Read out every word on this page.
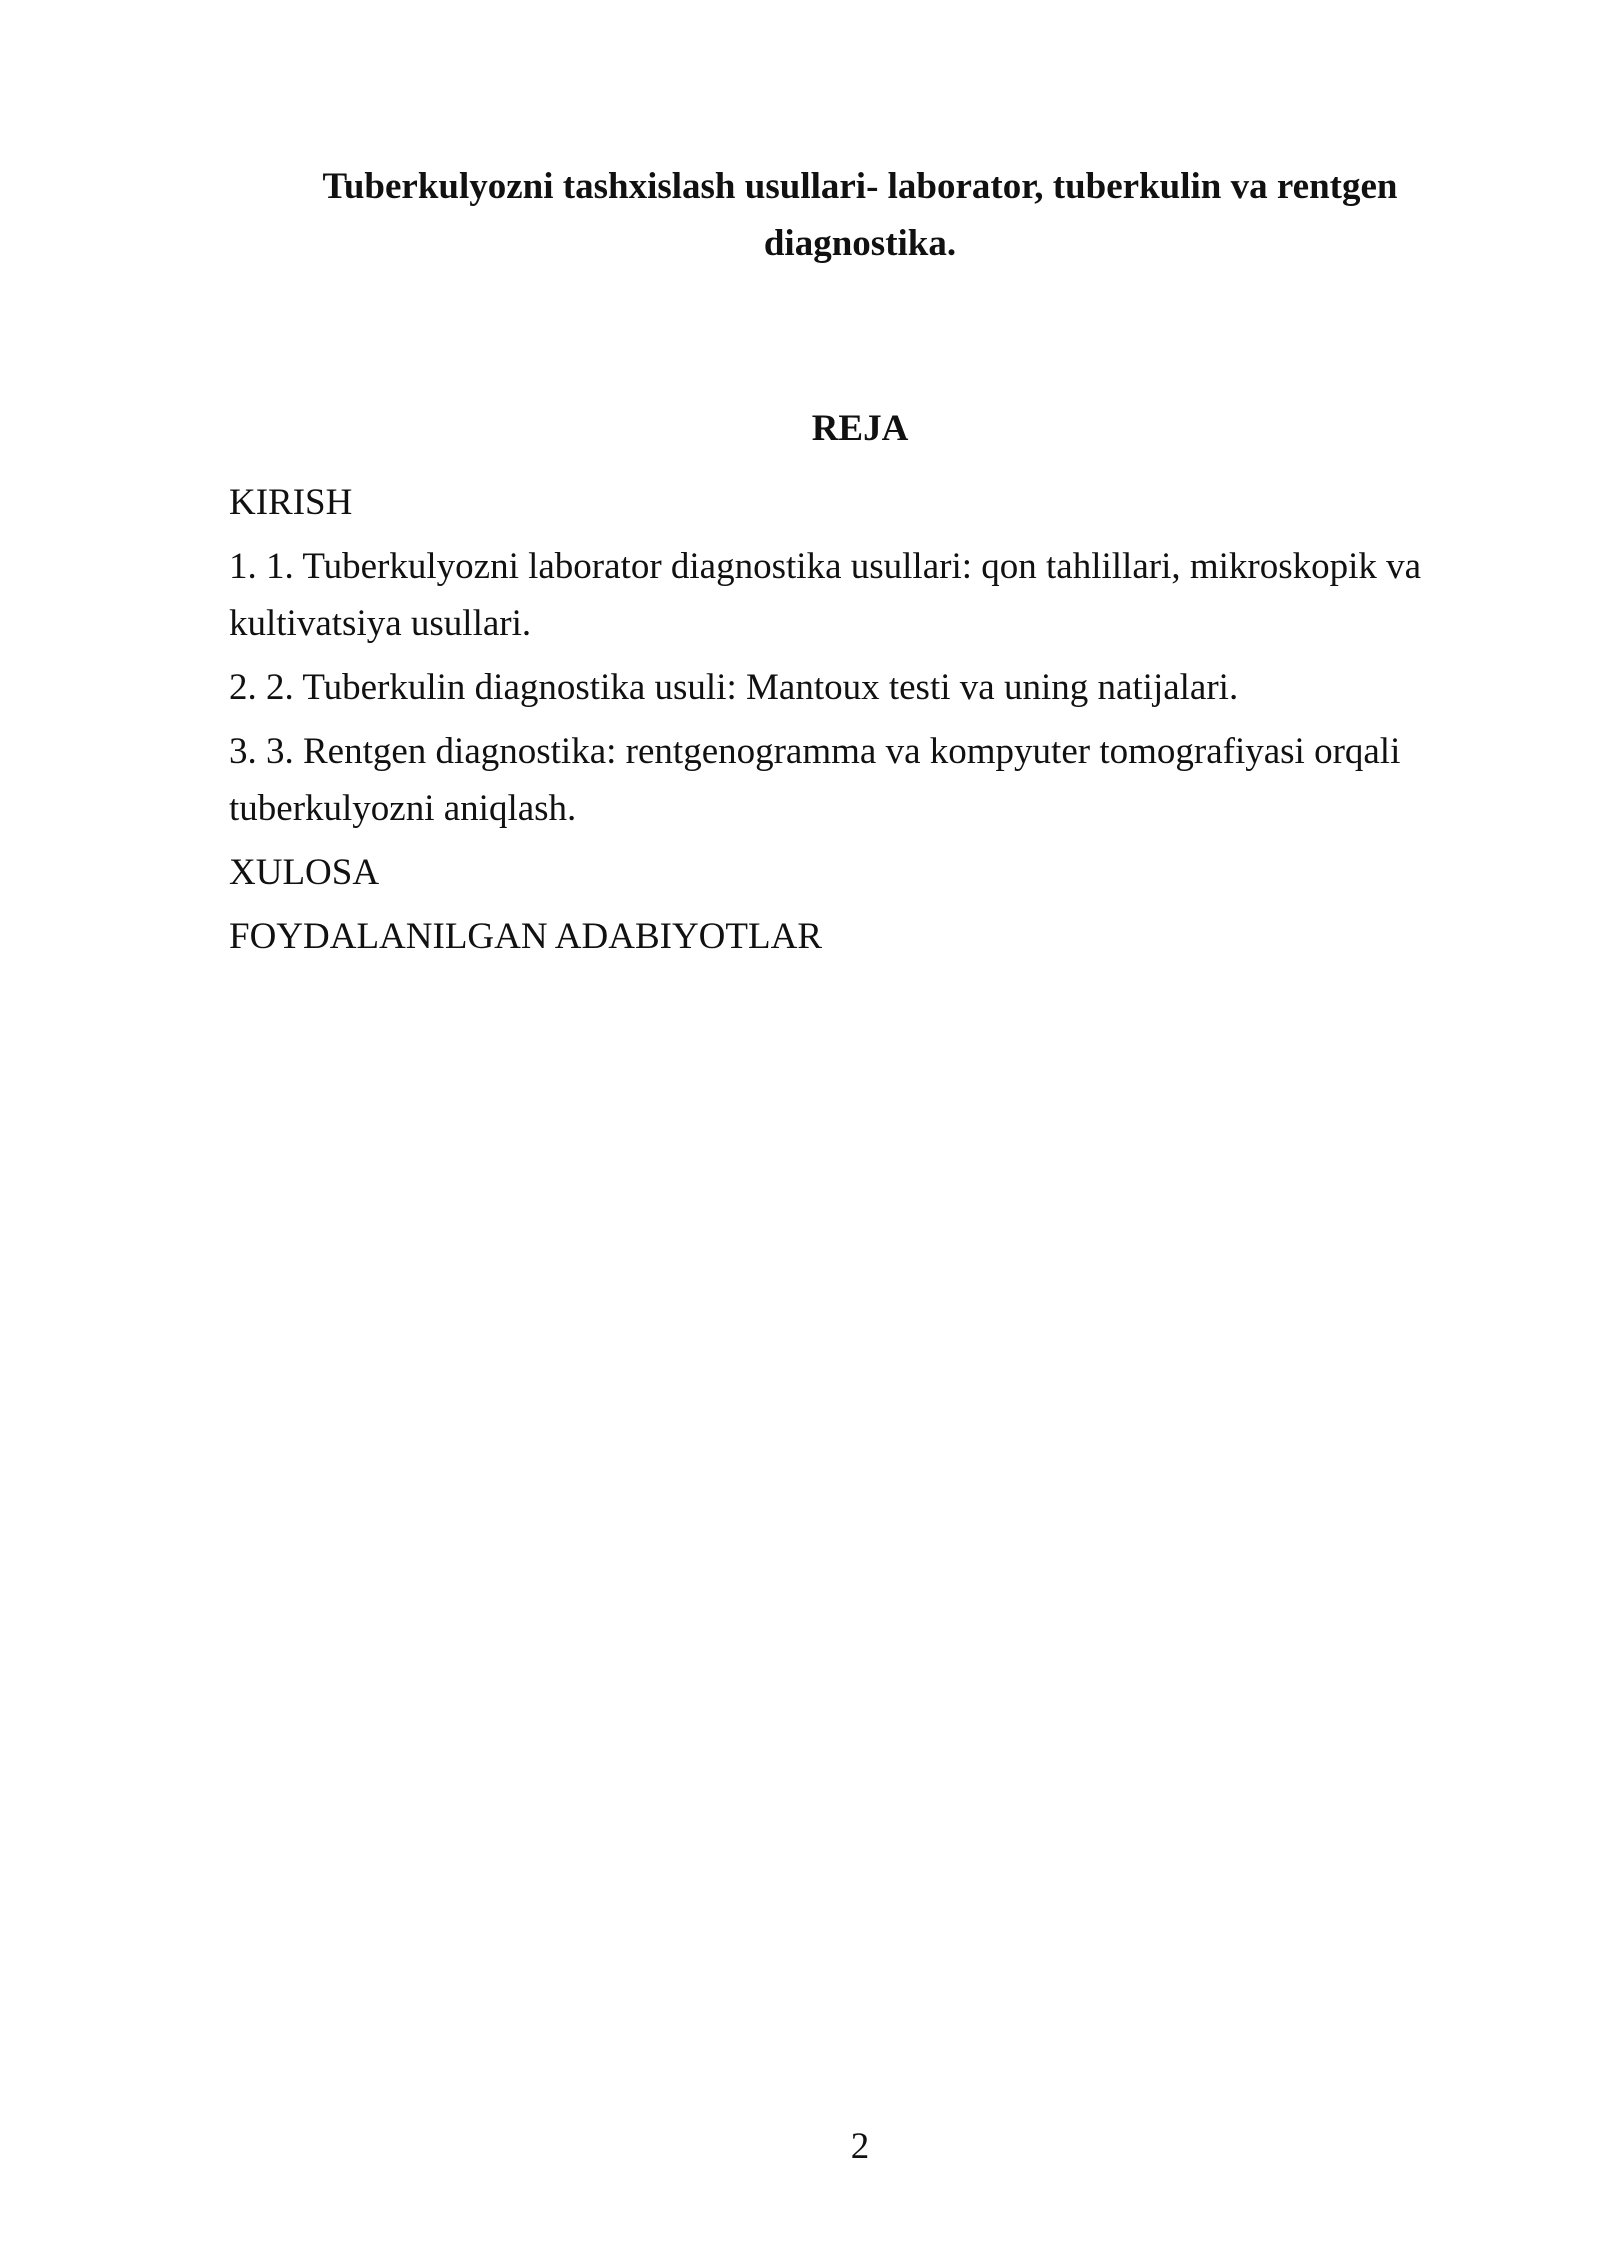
Tuberkulyozni tashxislash usullari- laborator, tuberkulin va rentgen diagnostika.
REJA
KIRISH
1. 1. Tuberkulyozni laborator diagnostika usullari: qon tahlillari, mikroskopik va kultivatsiya usullari.
2. 2. Tuberkulin diagnostika usuli: Mantoux testi va uning natijalari.
3. 3. Rentgen diagnostika: rentgenogramma va kompyuter tomografiyasi orqali tuberkulyozni aniqlash.
XULOSA
FOYDALANILGAN ADABIYOTLAR
2
